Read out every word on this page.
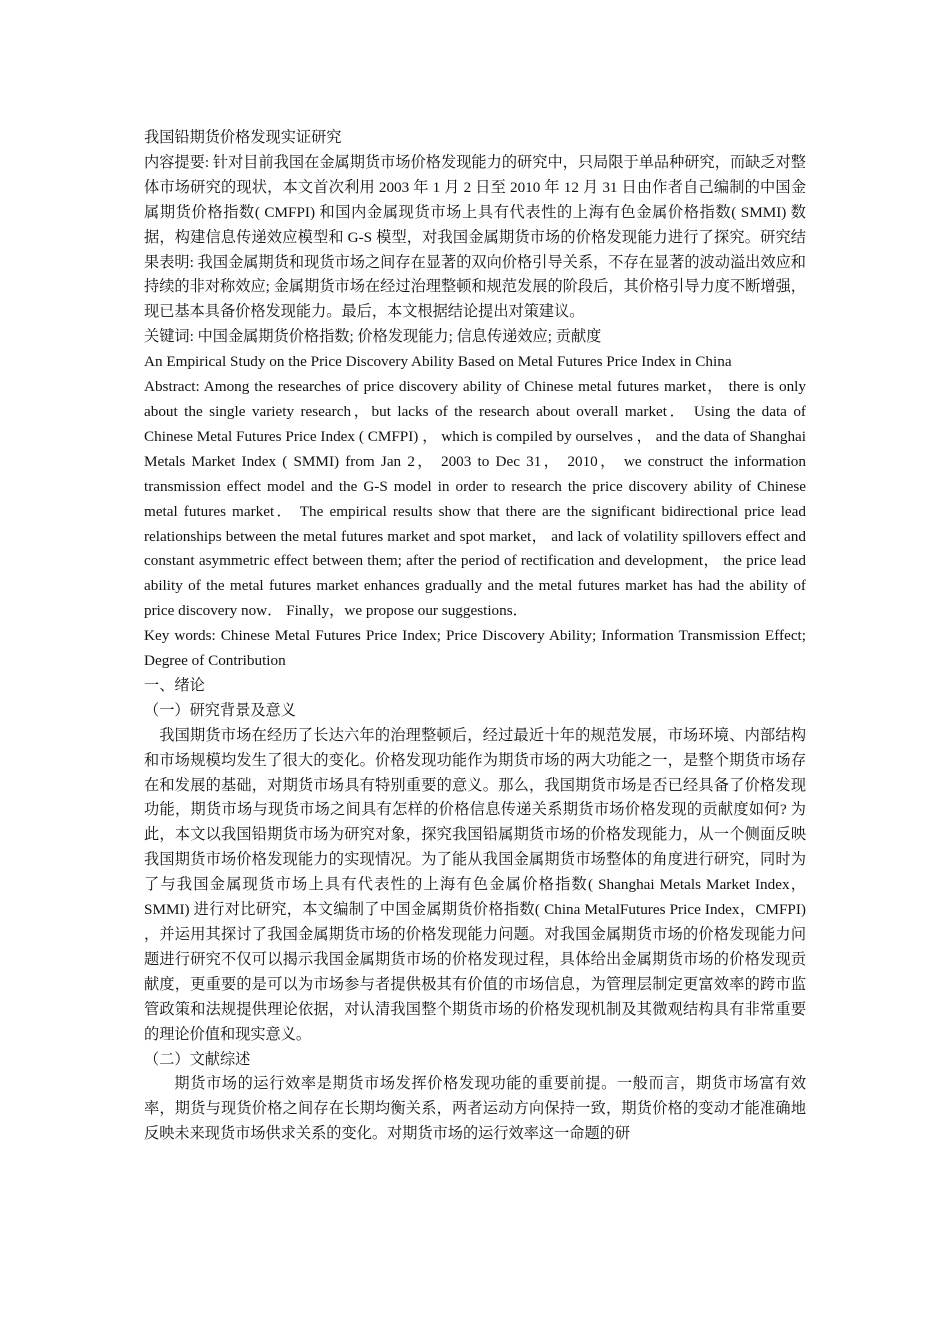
我国铅期货价格发现实证研究

内容提要: 针对目前我国在金属期货市场价格发现能力的研究中，只局限于单品种研究，而缺乏对整体市场研究的现状，本文首次利用 2003 年 1 月 2 日至 2010 年 12 月 31 日由作者自己编制的中国金属期货价格指数( CMFPI) 和国内金属现货市场上具有代表性的上海有色金属价格指数( SMMI) 数据，构建信息传递效应模型和 G-S 模型，对我国金属期货市场的价格发现能力进行了探究。研究结果表明: 我国金属期货和现货市场之间存在显著的双向价格引导关系，不存在显著的波动溢出效应和持续的非对称效应; 金属期货市场在经过治理整顿和规范发展的阶段后，其价格引导力度不断增强，现已基本具备价格发现能力。最后，本文根据结论提出对策建议。

关键词: 中国金属期货价格指数; 价格发现能力; 信息传递效应; 贡献度

An Empirical Study on the Price Discovery Ability Based on Metal Futures Price Index in China

Abstract: Among the researches of price discovery ability of Chinese metal futures market， there is only about the single variety research，but lacks of the research about overall market． Using the data of Chinese Metal Futures Price Index ( CMFPI) ， which is compiled by ourselves ， and the data of Shanghai Metals Market Index ( SMMI) from Jan 2， 2003 to Dec 31， 2010， we construct the information transmission effect model and the G-S model in order to research the price discovery ability of Chinese metal futures market． The empirical results show that there are the significant bidirectional price lead relationships between the metal futures market and spot market， and lack of volatility spillovers effect and constant asymmetric effect between them; after the period of rectification and development， the price lead ability of the metal futures market enhances gradually and the metal futures market has had the ability of price discovery now． Finally，we propose our suggestions．

Key words: Chinese Metal Futures Price Index; Price Discovery Ability; Information Transmission Effect; Degree of Contribution

一、绪论

（一）研究背景及意义

我国期货市场在经历了长达六年的治理整顿后，经过最近十年的规范发展，市场环境、内部结构和市场规模均发生了很大的变化。价格发现功能作为期货市场的两大功能之一，是整个期货市场存在和发展的基础，对期货市场具有特别重要的意义。那么，我国期货市场是否已经具备了价格发现功能，期货市场与现货市场之间具有怎样的价格信息传递关系期货市场价格发现的贡献度如何? 为此，本文以我国铅期货市场为研究对象，探究我国铅属期货市场的价格发现能力，从一个侧面反映我国期货市场价格发现能力的实现情况。为了能从我国金属期货市场整体的角度进行研究，同时为了与我国金属现货市场上具有代表性的上海有色金属价格指数( Shanghai Metals Market Index，SMMI) 进行对比研究，本文编制了中国金属期货价格指数( China MetalFutures Price Index，CMFPI) ，并运用其探讨了我国金属期货市场的价格发现能力问题。对我国金属期货市场的价格发现能力问题进行研究不仅可以揭示我国金属期货市场的价格发现过程，具体给出金属期货市场的价格发现贡献度，更重要的是可以为市场参与者提供极其有价值的市场信息，为管理层制定更富效率的跨市监管政策和法规提供理论依据，对认清我国整个期货市场的价格发现机制及其微观结构具有非常重要的理论价值和现实意义。

（二）文献综述

期货市场的运行效率是期货市场发挥价格发现功能的重要前提。一般而言，期货市场富有效率，期货与现货价格之间存在长期均衡关系，两者运动方向保持一致，期货价格的变动才能准确地反映未来现货市场供求关系的变化。对期货市场的运行效率这一命题的研
